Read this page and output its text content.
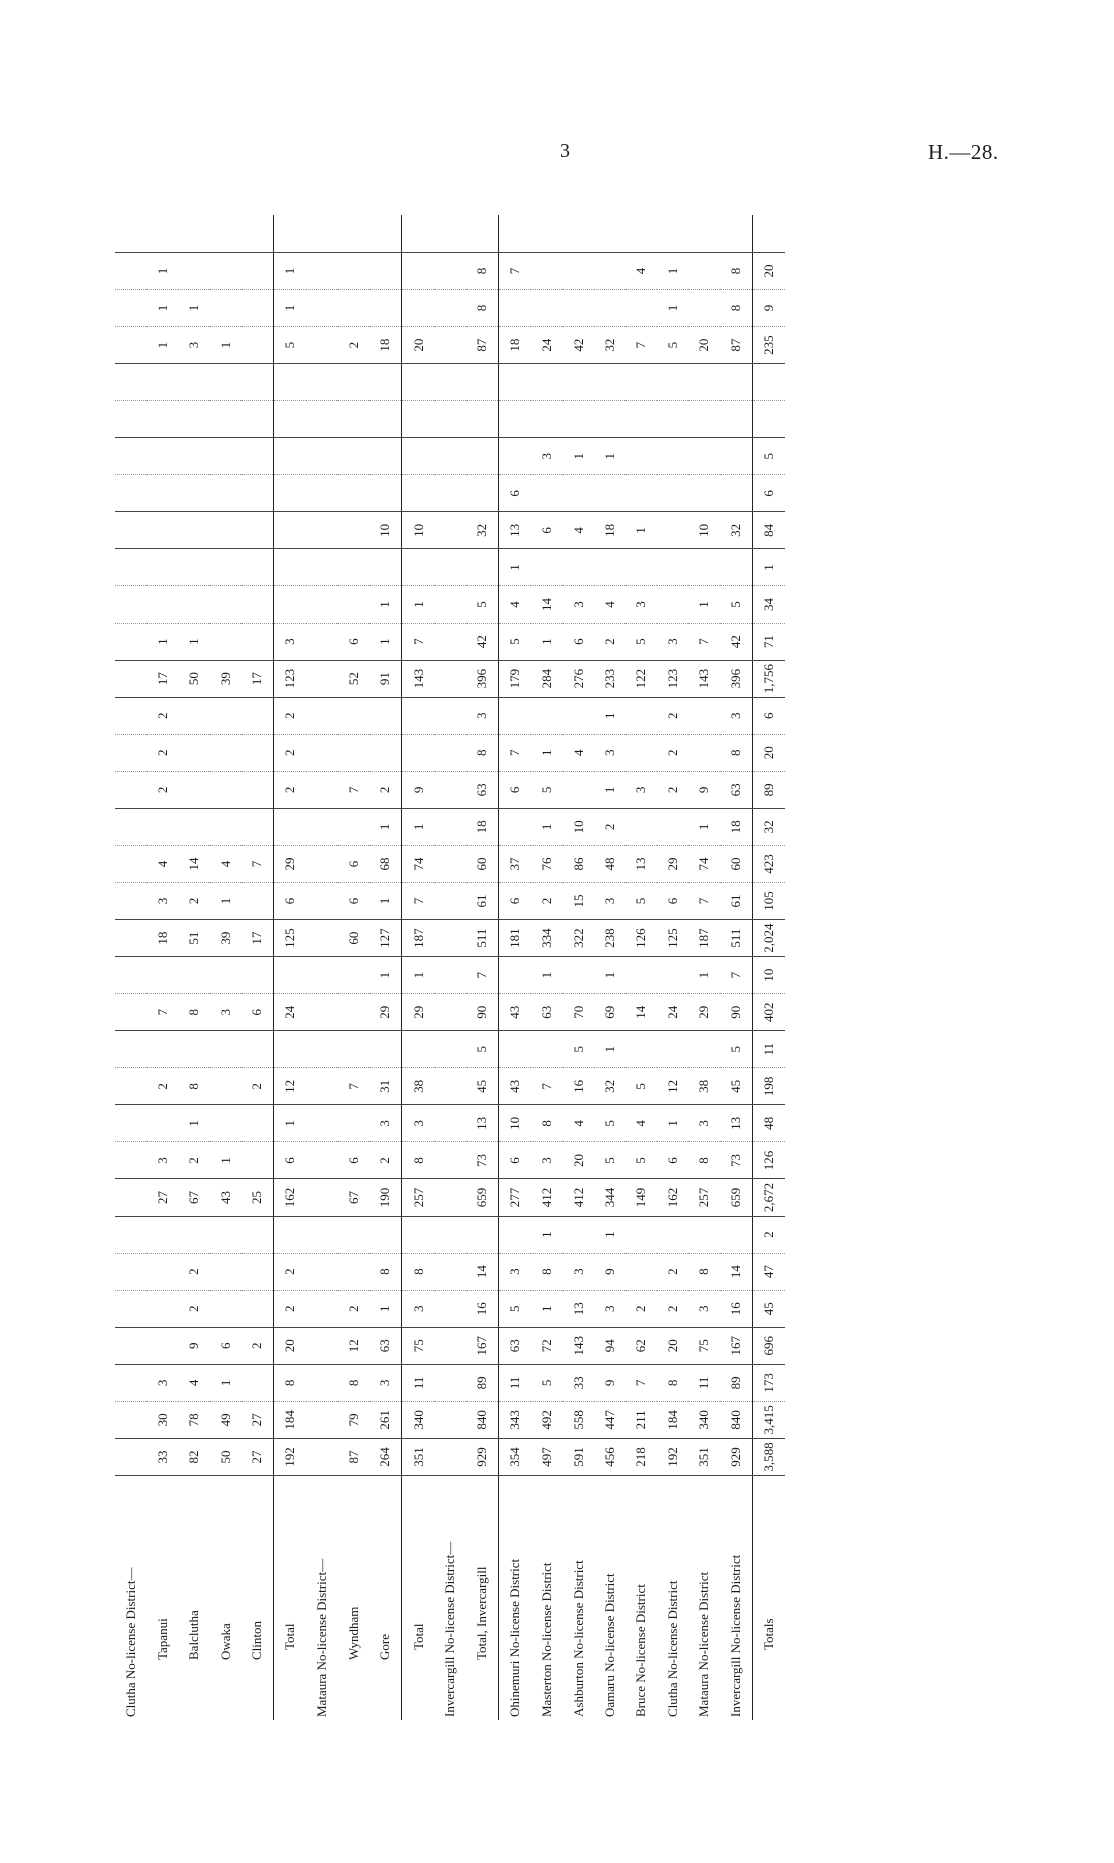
3	H.—28.
Clutha No-license District—																																		
Tapanui	33	30	3					27	3		2		7		18	3	4		2	2	2	17	1								1	1	1	
Balclutha	82	78	4	9	2	2		67	2	1	8		8		51	2	14					50	1								3	1		
Owaka	50	49	1	6				43	1				3		39	1	4					39									1			
Clinton	27	27		2				25			2		6		17		7					17												
Total	192	184	8	20	2	2		162	6	1	12		24		125	6	29		2	2	2	123	3								5	1	1	
Mataura No-license District—																																		
Wyndham	87	79	8	12	2			67	6		7				60	6	6		7			52	6								2			
Gore	264	261	3	63	1	8		190	2	3	31		29	1	127	1	68	1	2			91	1	1		10					18			
Total	351	340	11	75	3	8		257	8	3	38		29	1	187	7	74	1	9			143	7	1		10					20			
Invercargill No-license District—																																		
Total, Invercargill	929	840	89	167	16	14		659	73	13	45	5	90	7	511	61	60	18	63	8	3	396	42	5		32					87	8	8	
Ohinemuri No-license District	354	343	11	63	5	3		277	6	10	43		43		181	6	37		6	7		179	5	4	1	13	6				18		7	
Masterton No-license District	497	492	5	72	1	8	1	412	3	8	7		63	1	334	2	76	1	5	1		284	1	14		6		3			24			
Ashburton No-license District	591	558	33	143	13	3		412	20	4	16	5	70		322	15	86	10		4		276	6	3		4		1			42			
Oamaru No-license District	456	447	9	94	3	9	1	344	5	5	32	1	69	1	238	3	48	2	1	3	1	233	2	4		18		1			32			
Bruce No-license District	218	211	7	62	2			149	5	4	5		14		126	5	13		3			122	5	3		1					7		4	
Clutha No-license District	192	184	8	20	2	2		162	6	1	12		24		125	6	29		2	2	2	123	3								5	1	1	
Mataura No-license District	351	340	11	75	3	8		257	8	3	38		29	1	187	7	74	1	9			143	7	1		10					20			
Invercargill No-license District	929	840	89	167	16	14		659	73	13	45	5	90	7	511	61	60	18	63	8	3	396	42	5		32					87	8	8	
Totals	3,588	3,415	173	696	45	47	2	2,672	126	48	198	11	402	10	2,024	105	423	32	89	20	6	1,756	71	34	1	84	6	5			235	9	20	
